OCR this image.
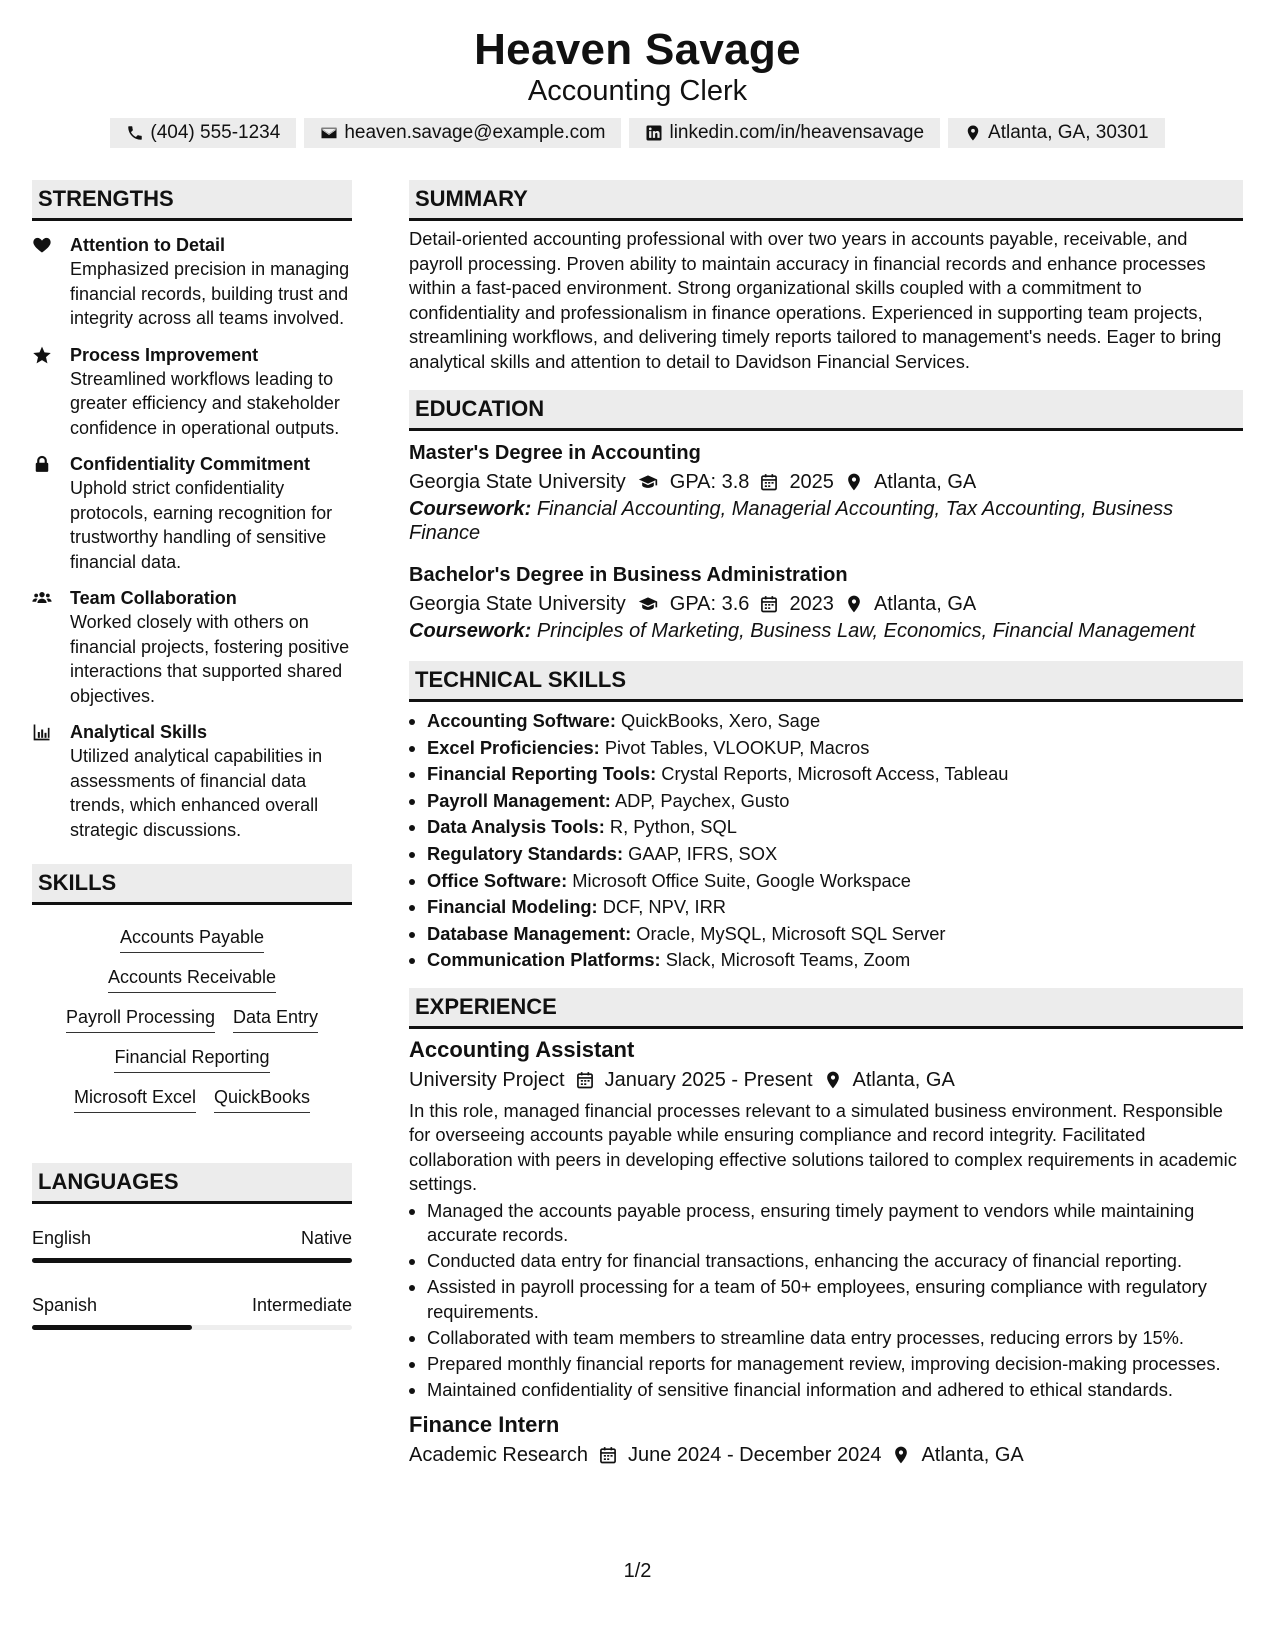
Heaven Savage
Accounting Clerk
(404) 555-1234	heaven.savage@example.com	linkedin.com/in/heavensavage	Atlanta, GA, 30301
STRENGTHS
Attention to Detail
Emphasized precision in managing financial records, building trust and integrity across all teams involved.
Process Improvement
Streamlined workflows leading to greater efficiency and stakeholder confidence in operational outputs.
Confidentiality Commitment
Uphold strict confidentiality protocols, earning recognition for trustworthy handling of sensitive financial data.
Team Collaboration
Worked closely with others on financial projects, fostering positive interactions that supported shared objectives.
Analytical Skills
Utilized analytical capabilities in assessments of financial data trends, which enhanced overall strategic discussions.
SKILLS
Accounts Payable
Accounts Receivable
Payroll Processing Data Entry
Financial Reporting
Microsoft Excel QuickBooks
LANGUAGES
English	Native
Spanish	Intermediate
SUMMARY
Detail-oriented accounting professional with over two years in accounts payable, receivable, and payroll processing. Proven ability to maintain accuracy in financial records and enhance processes within a fast-paced environment. Strong organizational skills coupled with a commitment to confidentiality and professionalism in finance operations. Experienced in supporting team projects, streamlining workflows, and delivering timely reports tailored to management's needs. Eager to bring analytical skills and attention to detail to Davidson Financial Services.
EDUCATION
Master's Degree in Accounting
Georgia State University GPA: 3.8 2025 Atlanta, GA
Coursework: Financial Accounting, Managerial Accounting, Tax Accounting, Business Finance
Bachelor's Degree in Business Administration
Georgia State University GPA: 3.6 2023 Atlanta, GA
Coursework: Principles of Marketing, Business Law, Economics, Financial Management
TECHNICAL SKILLS
• Accounting Software: QuickBooks, Xero, Sage
• Excel Proficiencies: Pivot Tables, VLOOKUP, Macros
• Financial Reporting Tools: Crystal Reports, Microsoft Access, Tableau
• Payroll Management: ADP, Paychex, Gusto
• Data Analysis Tools: R, Python, SQL
• Regulatory Standards: GAAP, IFRS, SOX
• Office Software: Microsoft Office Suite, Google Workspace
• Financial Modeling: DCF, NPV, IRR
• Database Management: Oracle, MySQL, Microsoft SQL Server
• Communication Platforms: Slack, Microsoft Teams, Zoom
EXPERIENCE
Accounting Assistant
University Project January 2025 - Present Atlanta, GA
In this role, managed financial processes relevant to a simulated business environment. Responsible for overseeing accounts payable while ensuring compliance and record integrity. Facilitated collaboration with peers in developing effective solutions tailored to complex requirements in academic settings.
• Managed the accounts payable process, ensuring timely payment to vendors while maintaining accurate records.
• Conducted data entry for financial transactions, enhancing the accuracy of financial reporting.
• Assisted in payroll processing for a team of 50+ employees, ensuring compliance with regulatory requirements.
• Collaborated with team members to streamline data entry processes, reducing errors by 15%.
• Prepared monthly financial reports for management review, improving decision-making processes.
• Maintained confidentiality of sensitive financial information and adhered to ethical standards.
Finance Intern
Academic Research June 2024 - December 2024 Atlanta, GA
1/2
